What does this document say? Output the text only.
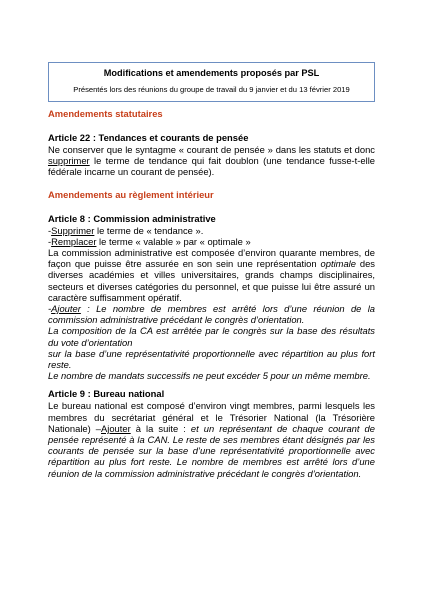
Modifications et amendements proposés par PSL
Présentés lors des réunions du groupe de travail du 9 janvier et du 13 février 2019
Amendements statutaires
Article 22 : Tendances et courants de pensée
Ne conserver que le syntagme « courant de pensée » dans les statuts et donc supprimer le terme de tendance qui fait doublon (une tendance fusse-t-elle fédérale incarne un courant de pensée).
Amendements au règlement intérieur
Article 8 : Commission administrative
-Supprimer le terme de « tendance ».
-Remplacer le terme « valable » par « optimale »
La commission administrative est composée d’environ quarante membres, de façon que puisse être assurée en son sein une représentation optimale des diverses académies et villes universitaires, grands champs disciplinaires, secteurs et diverses catégories du personnel, et que puisse lui être assuré un caractère suffisamment opératif.
-Ajouter : Le nombre de membres est arrêté lors d’une réunion de la commission administrative précédant le congrès d’orientation.
La composition de la CA est arrêtée par le congrès sur la base des résultats du vote d’orientation
sur la base d’une représentativité proportionnelle avec répartition au plus fort reste.
Le nombre de mandats successifs ne peut excéder 5 pour un même membre.
Article 9 : Bureau national
Le bureau national est composé d’environ vingt membres, parmi lesquels les membres du secrétariat général et le Trésorier National (la Trésorière Nationale) –Ajouter à la suite : et un représentant de chaque courant de pensée représenté à la CAN. Le reste de ses membres étant désignés par les courants de pensée sur la base d’une représentativité proportionnelle avec répartition au plus fort reste. Le nombre de membres est arrêté lors d’une réunion de la commission administrative précédant le congrès d’orientation.
